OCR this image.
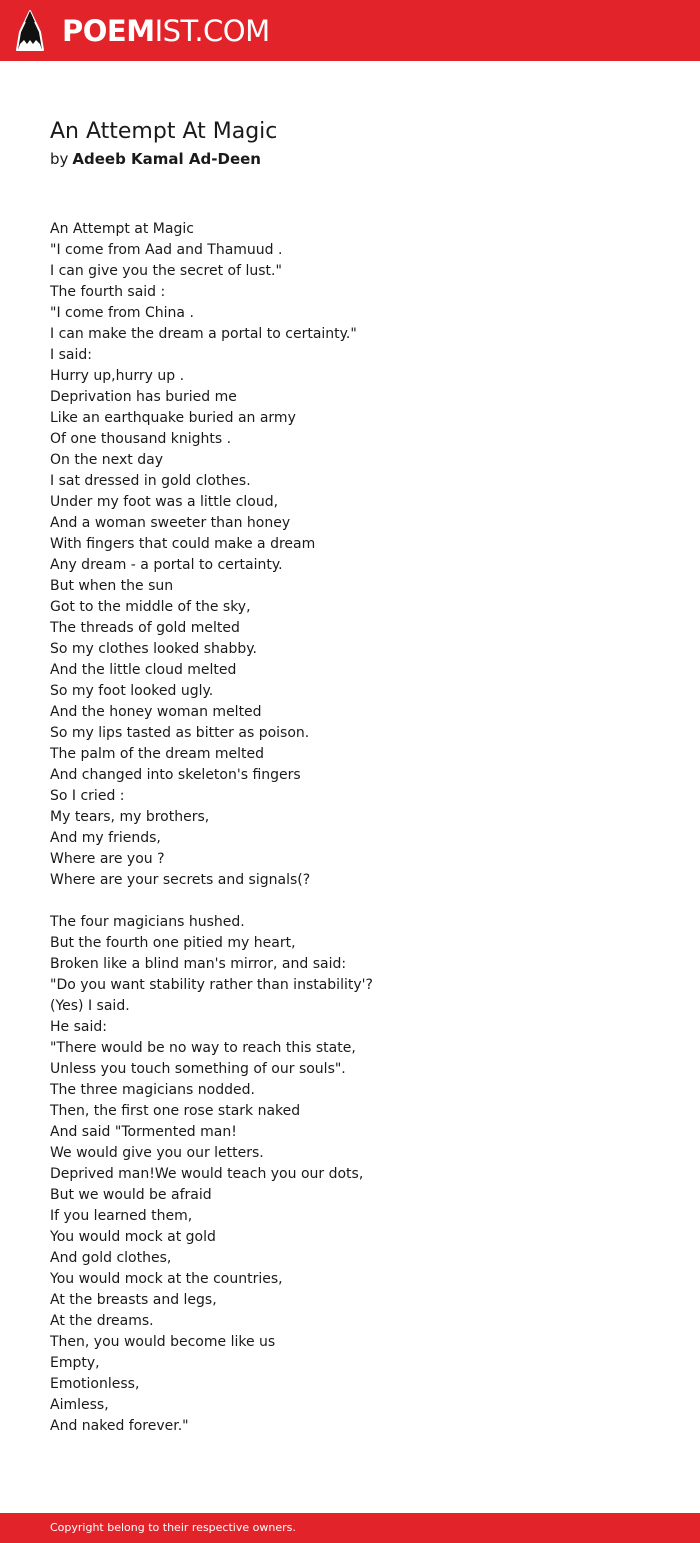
POEMIST.COM
An Attempt At Magic
by Adeeb Kamal Ad-Deen
An Attempt at Magic
"I come from Aad and Thamuud .
I can give you the secret of lust."
The fourth said :
"I come from China .
I can make the dream a portal to certainty."
I said:
Hurry up,hurry up .
Deprivation has buried me
Like an earthquake buried an army
Of one thousand knights .
On the next day
I sat dressed in gold clothes.
Under my foot was a little cloud,
And a woman sweeter than honey
With fingers that could make a dream
Any dream - a portal to certainty.
But when the sun
Got to the middle of the sky,
The threads of gold melted
So my clothes looked shabby.
And the little cloud melted
So my foot looked ugly.
And the honey woman melted
So my lips tasted as bitter as poison.
The palm of the dream melted
And changed into skeleton's fingers
So I cried :
My tears, my brothers,
And my friends,
Where are you ?
Where are your secrets and signals(?
The four magicians hushed.
But the fourth one pitied my heart,
Broken like a blind man's mirror, and said:
"Do you want stability rather than instability'?
(Yes) I said.
He said:
"There would be no way to reach this state,
Unless you touch something of our souls".
The three magicians nodded.
Then, the first one rose stark naked
And said "Tormented man!
We would give you our letters.
Deprived man!We would teach you our dots,
But we would be afraid
If you learned them,
You would mock at gold
And gold clothes,
You would mock at the countries,
At the breasts and legs,
At the dreams.
Then, you would become like us
Empty,
Emotionless,
Aimless,
And naked forever."
Copyright belong to their respective owners.
